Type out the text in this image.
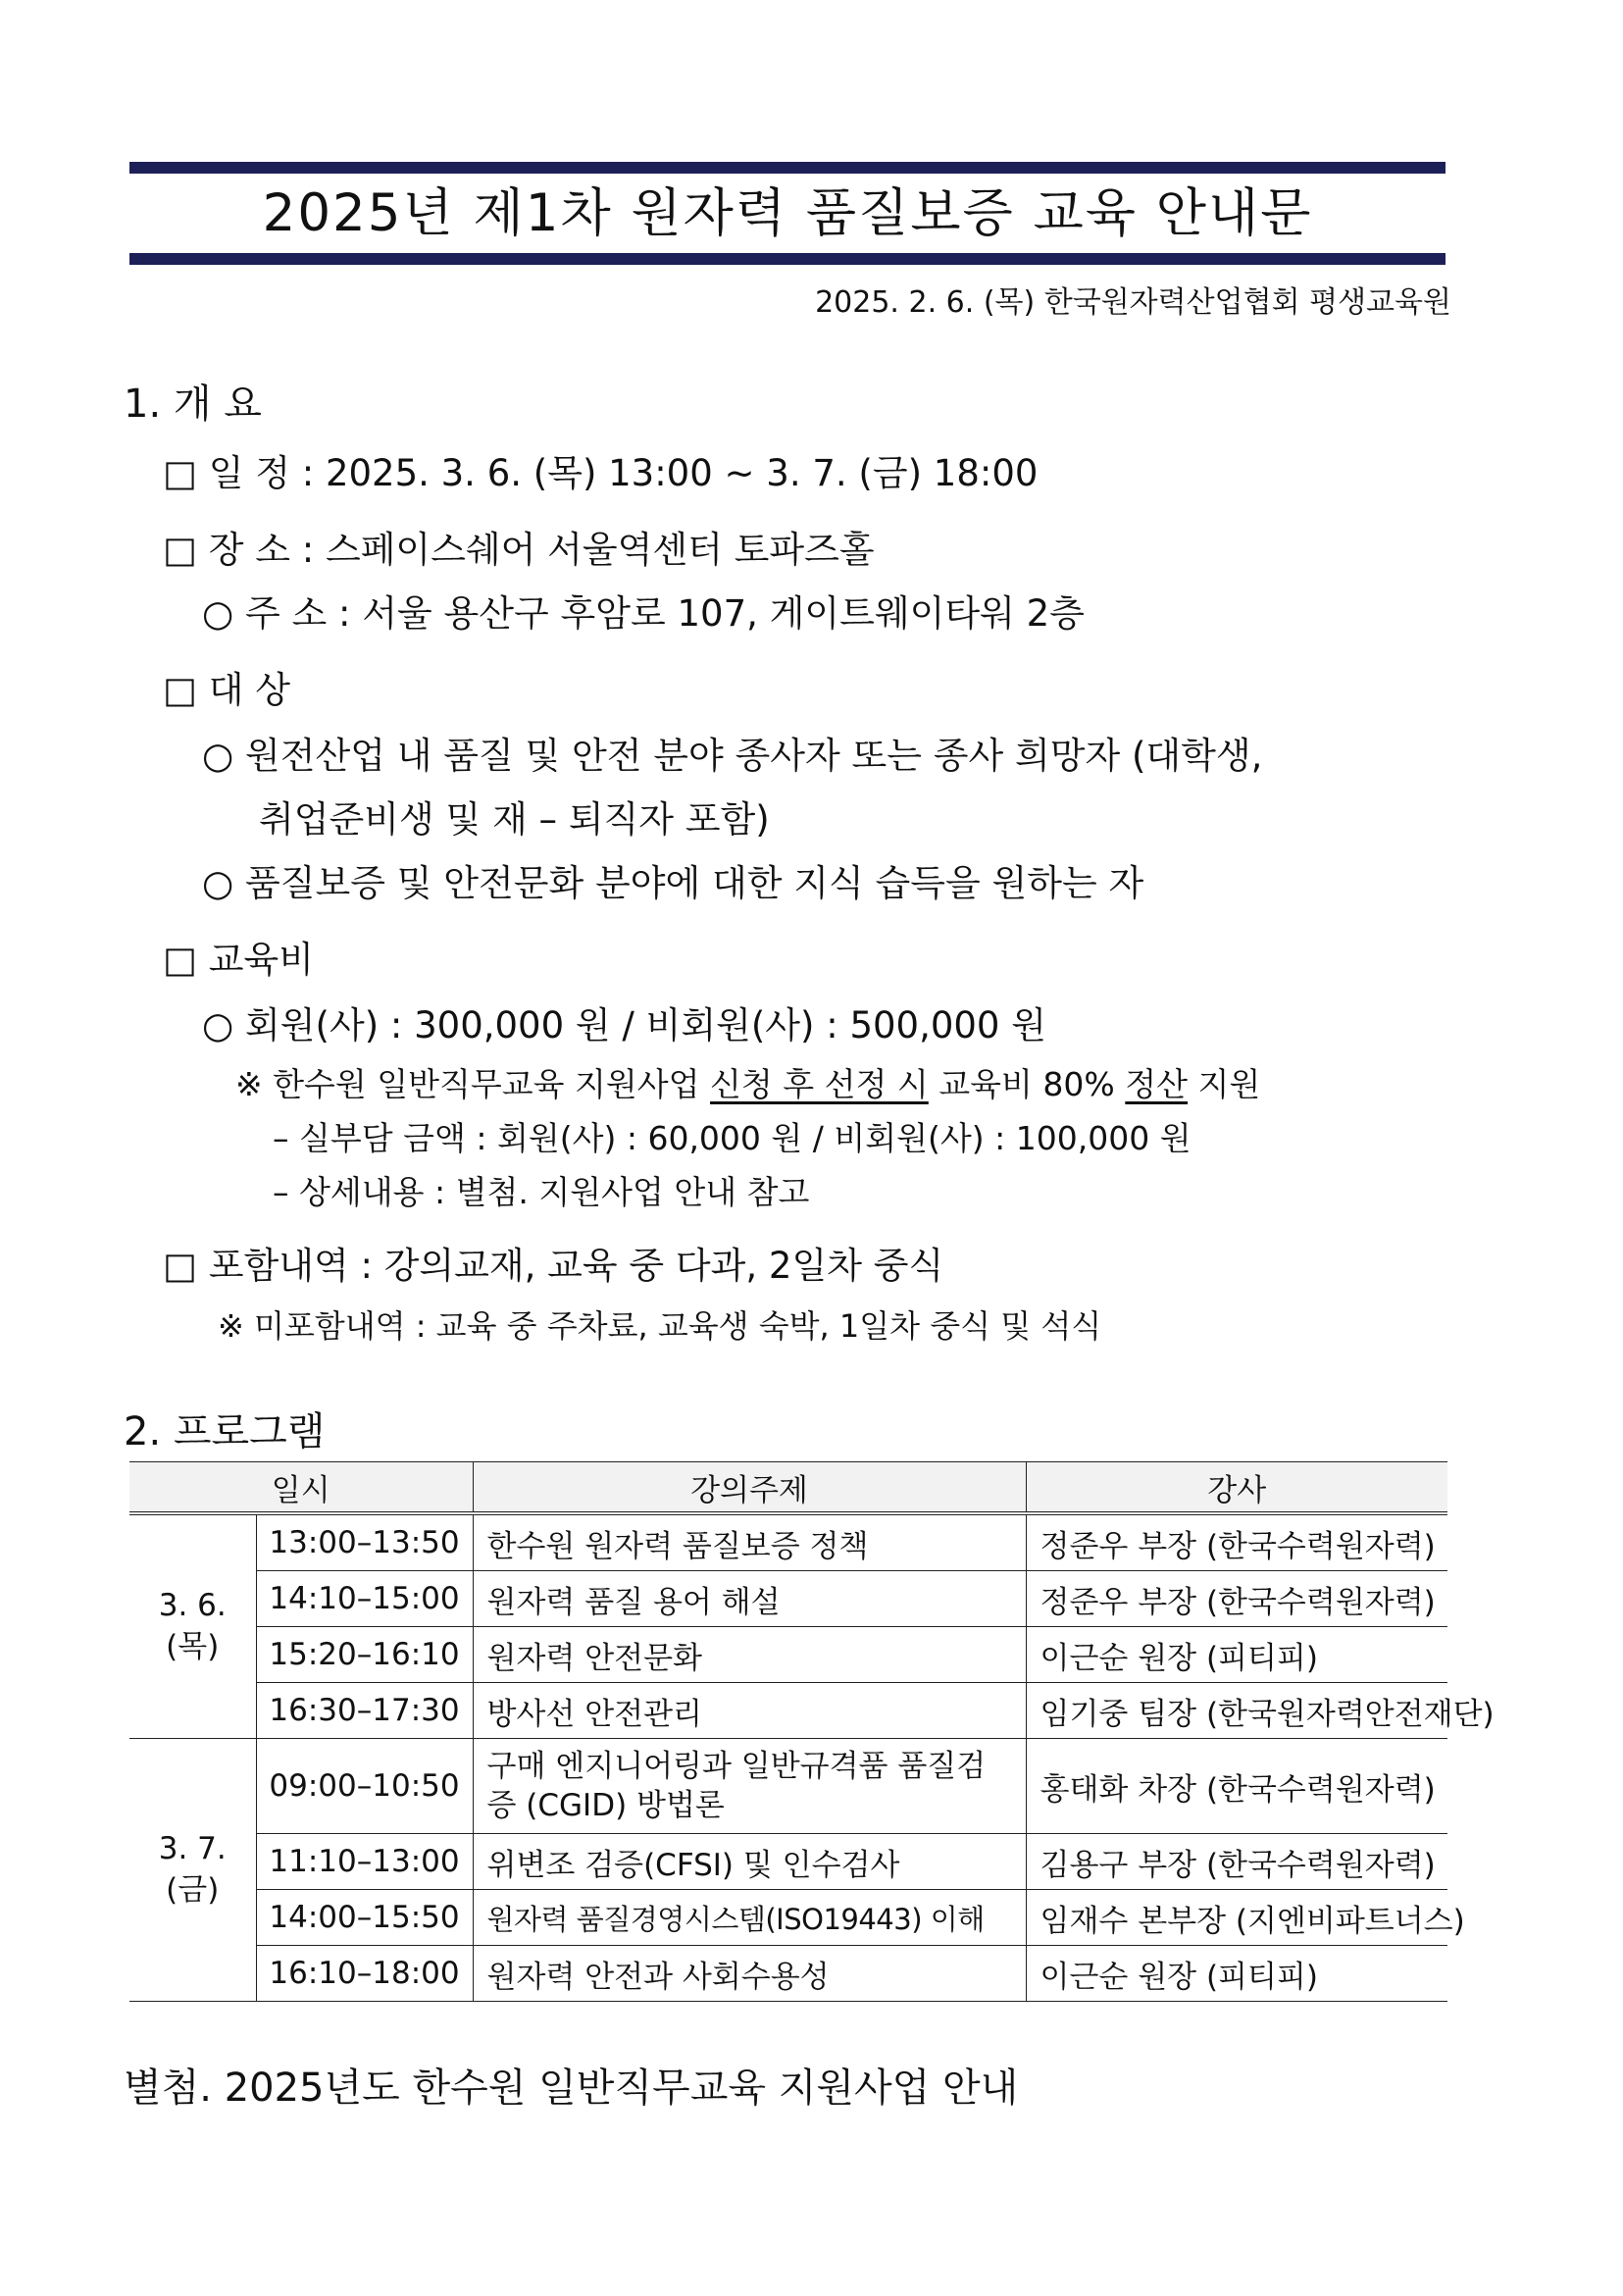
2025년 제1차 원자력 품질보증 교육 안내문
2025. 2. 6. (목) 한국원자력산업협회 평생교육원
1. 개 요
□ 일 정 : 2025. 3. 6. (목) 13:00 ~ 3. 7. (금) 18:00
□ 장 소 : 스페이스쉐어 서울역센터 토파즈홀
○ 주 소 : 서울 용산구 후암로 107, 게이트웨이타워 2층
□ 대 상
○ 원전산업 내 품질 및 안전 분야 종사자 또는 종사 희망자 (대학생,
취업준비생 및 재 – 퇴직자 포함)
○ 품질보증 및 안전문화 분야에 대한 지식 습득을 원하는 자
□ 교육비
○ 회원(사) : 300,000 원 / 비회원(사) : 500,000 원
※ 한수원 일반직무교육 지원사업 신청 후 선정 시 교육비 80% 정산 지원
– 실부담 금액 : 회원(사) : 60,000 원 / 비회원(사) : 100,000 원
– 상세내용 : 별첨. 지원사업 안내 참고
□ 포함내역 : 강의교재, 교육 중 다과, 2일차 중식
※ 미포함내역 : 교육 중 주차료, 교육생 숙박, 1일차 중식 및 석식
2. 프로그램
일시		강의주제	강사
3. 6.
(목)	13:00–13:50	한수원 원자력 품질보증 정책	정준우 부장 (한국수력원자력)
	14:10–15:00	원자력 품질 용어 해설	정준우 부장 (한국수력원자력)
	15:20–16:10	원자력 안전문화	이근순 원장 (피티피)
	16:30–17:30	방사선 안전관리	임기중 팀장 (한국원자력안전재단)
3. 7.
(금)	09:00–10:50	구매 엔지니어링과 일반규격품 품질검증 (CGID) 방법론	홍태화 차장 (한국수력원자력)
	11:10–13:00	위변조 검증(CFSI) 및 인수검사	김용구 부장 (한국수력원자력)
	14:00–15:50	원자력 품질경영시스템(ISO19443) 이해	임재수 본부장 (지엔비파트너스)
	16:10–18:00	원자력 안전과 사회수용성	이근순 원장 (피티피)
별첨. 2025년도 한수원 일반직무교육 지원사업 안내
